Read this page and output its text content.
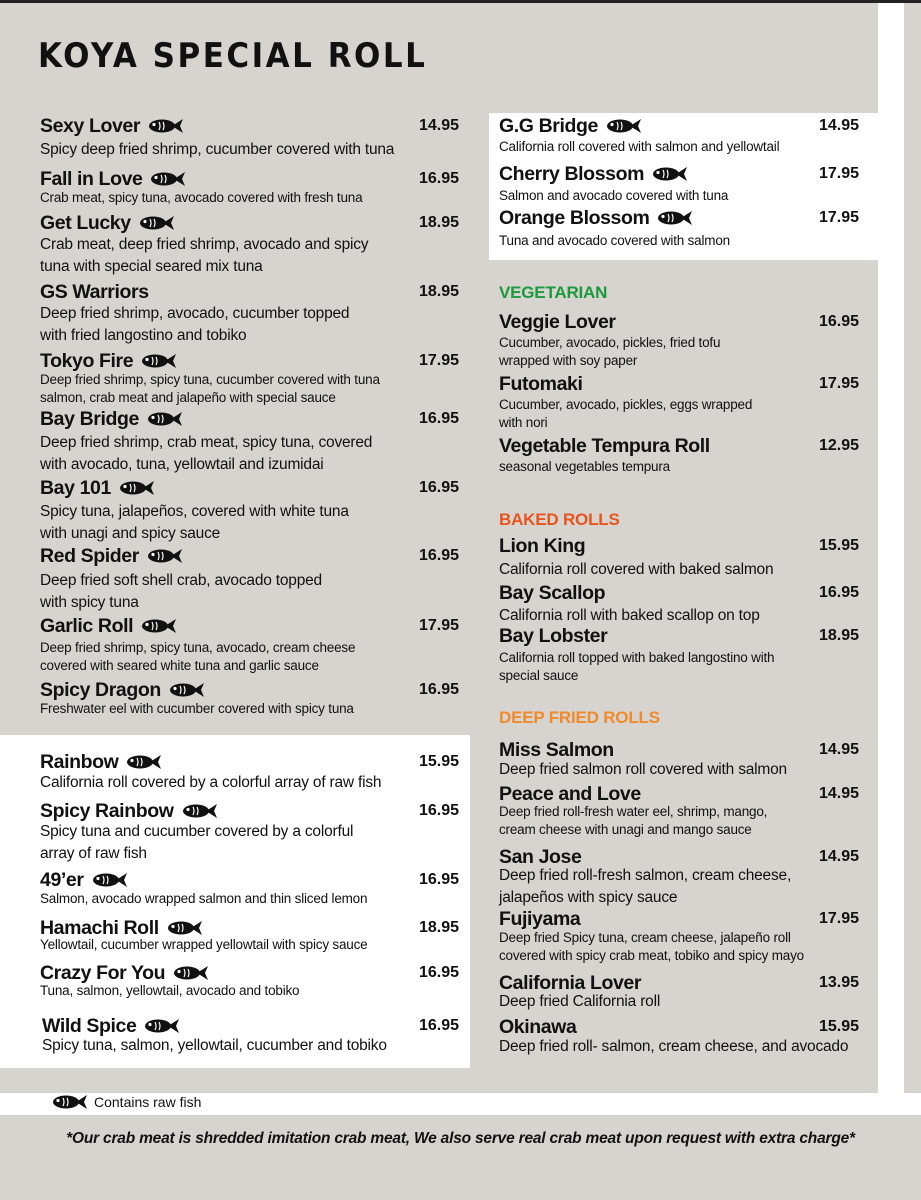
KOYA SPECIAL ROLL
Sexy Lover	14.95
Spicy deep fried shrimp, cucumber covered with tuna
Fall in Love	16.95
Crab meat, spicy tuna, avocado covered with fresh tuna
Get Lucky	18.95
Crab meat, deep fried shrimp, avocado and spicy
tuna with special seared mix tuna
GS Warriors	18.95
Deep fried shrimp, avocado, cucumber topped
with fried langostino and tobiko
Tokyo Fire	17.95
Deep fried shrimp, spicy tuna, cucumber covered with tuna
salmon, crab meat and jalapeño with special sauce
Bay Bridge	16.95
Deep fried shrimp, crab meat, spicy tuna, covered
with avocado, tuna, yellowtail and izumidai
Bay 101	16.95
Spicy tuna, jalapeños, covered with white tuna
with unagi and spicy sauce
Red Spider	16.95
Deep fried soft shell crab, avocado topped
with spicy tuna
Garlic Roll	17.95
Deep fried shrimp, spicy tuna, avocado, cream cheese
covered with seared white tuna and garlic sauce
Spicy Dragon	16.95
Freshwater eel with cucumber covered with spicy tuna
Rainbow	15.95
California roll covered by a colorful array of raw fish
Spicy Rainbow	16.95
Spicy tuna and cucumber covered by a colorful
array of raw fish
49’er	16.95
Salmon, avocado wrapped salmon and thin sliced lemon
Hamachi Roll	18.95
Yellowtail, cucumber wrapped yellowtail with spicy sauce
Crazy For You	16.95
Tuna, salmon, yellowtail, avocado and tobiko
Wild Spice	16.95
Spicy tuna, salmon, yellowtail, cucumber and tobiko
G.G Bridge	14.95
California roll covered with salmon and yellowtail
Cherry Blossom	17.95
Salmon and avocado covered with tuna
Orange Blossom	17.95
Tuna and avocado covered with salmon
Veggie Lover	16.95
Cucumber, avocado, pickles, fried tofu
wrapped with soy paper
Futomaki	17.95
Cucumber, avocado, pickles, eggs wrapped
with nori
Vegetable Tempura Roll	12.95
seasonal vegetables tempura
Lion King	15.95
California roll covered with baked salmon
Bay Scallop	16.95
California roll with baked scallop on top
Bay Lobster	18.95
California roll topped with baked langostino with
special sauce
Miss Salmon	14.95
Deep fried salmon roll covered with salmon
Peace and Love	14.95
Deep fried roll-fresh water eel, shrimp, mango,
cream cheese with unagi and mango sauce
San Jose	14.95
Deep fried roll-fresh salmon, cream cheese,
jalapeños with spicy sauce
Fujiyama	17.95
Deep fried Spicy tuna, cream cheese, jalapeño roll
covered with spicy crab meat, tobiko and spicy mayo
California Lover	13.95
Deep fried California roll
Okinawa	15.95
Deep fried roll- salmon, cream cheese, and avocado
VEGETARIAN
BAKED ROLLS
DEEP FRIED ROLLS
Contains raw fish
*Our crab meat is shredded imitation crab meat, We also serve real crab meat upon request with extra charge*
